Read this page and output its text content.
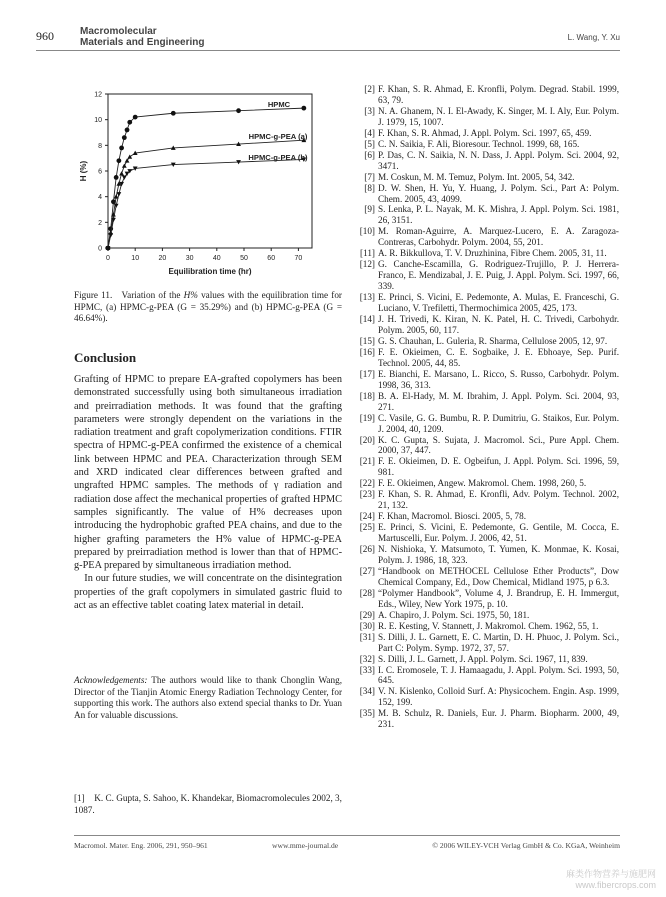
960	Macromolecular
Materials and Engineering	L. Wang, Y. Xu
0	10	20	30	40	50	60	70
0
2
4
6
8
10
12
Equilibration time (hr)
H (%)
HPMC
HPMC-g-PEA (a)
HPMC-g-PEA (b)
Figure 11. Variation of the H% values with the equilibration time for HPMC, (a) HPMC-g-PEA (G = 35.29%) and (b) HPMC-g-PEA (G = 46.64%).
Conclusion

Grafting of HPMC to prepare EA-grafted copolymers has been demonstrated successfully using both simultaneous irradiation and preirradiation methods. It was found that the grafting parameters were strongly dependent on the variations in the radiation treatment and graft copolymerization conditions. FTIR spectra of HPMC-g-PEA confirmed the existence of a chemical link between HPMC and PEA. Characterization through SEM and XRD indicated clear differences between grafted and ungrafted HPMC samples. The methods of γ radiation and radiation dose affect the mechanical properties of grafted HPMC samples significantly. The value of H% decreases upon introducing the hydrophobic grafted PEA chains, and due to the higher grafting parameters the H% value of HPMC-g-PEA prepared by preirradiation method is lower than that of HPMC-g-PEA prepared by simultaneous irradiation method.

 In our future studies, we will concentrate on the disintegration properties of the graft copolymers in simulated gastric fluid to act as an effective tablet coating latex material in detail.

Acknowledgements: The authors would like to thank Chonglin Wang, Director of the Tianjin Atomic Energy Radiation Technology Center, for supporting this work. The authors also extend special thanks to Dr. Yuan An for valuable discussions.
[1] K. C. Gupta, S. Sahoo, K. Khandekar, Biomacromolecules 2002, 3, 1087.
[2] F. Khan, S. R. Ahmad, E. Kronfli, Polym. Degrad. Stabil. 1999, 63, 79.
[3] N. A. Ghanem, N. I. El-Awady, K. Singer, M. I. Aly, Eur. Polym. J. 1979, 15, 1007.
[4] F. Khan, S. R. Ahmad, J. Appl. Polym. Sci. 1997, 65, 459.
[5] C. N. Saikia, F. Ali, Bioresour. Technol. 1999, 68, 165.
[6] P. Das, C. N. Saikia, N. N. Dass, J. Appl. Polym. Sci. 2004, 92, 3471.
[7] M. Coskun, M. M. Temuz, Polym. Int. 2005, 54, 342.
[8] D. W. Shen, H. Yu, Y. Huang, J. Polym. Sci., Part A: Polym. Chem. 2005, 43, 4099.
[9] S. Lenka, P. L. Nayak, M. K. Mishra, J. Appl. Polym. Sci. 1981, 26, 3151.
[10] M. Roman-Aguirre, A. Marquez-Lucero, E. A. Zaragoza-Contreras, Carbohydr. Polym. 2004, 55, 201.
[11] A. R. Bikkullova, T. V. Druzhinina, Fibre Chem. 2005, 31, 11.
[12] G. Canche-Escamilla, G. Rodriguez-Trujillo, P. J. Herrera-Franco, E. Mendizabal, J. E. Puig, J. Appl. Polym. Sci. 1997, 66, 339.
[13] E. Princi, S. Vicini, E. Pedemonte, A. Mulas, E. Franceschi, G. Luciano, V. Trefiletti, Thermochimica 2005, 425, 173.
[14] J. H. Trivedi, K. Kiran, N. K. Patel, H. C. Trivedi, Carbohydr. Polym. 2005, 60, 117.
[15] G. S. Chauhan, L. Guleria, R. Sharma, Cellulose 2005, 12, 97.
[16] F. E. Okieimen, C. E. Sogbaike, J. E. Ebhoaye, Sep. Purif. Technol. 2005, 44, 85.
[17] E. Bianchi, E. Marsano, L. Ricco, S. Russo, Carbohydr. Polym. 1998, 36, 313.
[18] B. A. El-Hady, M. M. Ibrahim, J. Appl. Polym. Sci. 2004, 93, 271.
[19] C. Vasile, G. G. Bumbu, R. P. Dumitriu, G. Staikos, Eur. Polym. J. 2004, 40, 1209.
[20] K. C. Gupta, S. Sujata, J. Macromol. Sci., Pure Appl. Chem. 2000, 37, 447.
[21] F. E. Okieimen, D. E. Ogbeifun, J. Appl. Polym. Sci. 1996, 59, 981.
[22] F. E. Okieimen, Angew. Makromol. Chem. 1998, 260, 5.
[23] F. Khan, S. R. Ahmad, E. Kronfli, Adv. Polym. Technol. 2002, 21, 132.
[24] F. Khan, Macromol. Biosci. 2005, 5, 78.
[25] E. Princi, S. Vicini, E. Pedemonte, G. Gentile, M. Cocca, E. Martuscelli, Eur. Polym. J. 2006, 42, 51.
[26] N. Nishioka, Y. Matsumoto, T. Yumen, K. Monmae, K. Kosai, Polym. J. 1986, 18, 323.
[27] “Handbook on METHOCEL Cellulose Ether Products”, Dow Chemical Company, Ed., Dow Chemical, Midland 1975, p 6.3.
[28] “Polymer Handbook”, Volume 4, J. Brandrup, E. H. Immergut, Eds., Wiley, New York 1975, p. 10.
[29] A. Chapiro, J. Polym. Sci. 1975, 50, 181.
[30] R. E. Kesting, V. Stannett, J. Makromol. Chem. 1962, 55, 1.
[31] S. Dilli, J. L. Garnett, E. C. Martin, D. H. Phuoc, J. Polym. Sci., Part C: Polym. Symp. 1972, 37, 57.
[32] S. Dilli, J. L. Garnett, J. Appl. Polym. Sci. 1967, 11, 839.
[33] I. C. Eromosele, T. J. Hamaagadu, J. Appl. Polym. Sci. 1993, 50, 645.
[34] V. N. Kislenko, Colloid Surf. A: Physicochem. Engin. Asp. 1999, 152, 199.
[35] M. B. Schulz, R. Daniels, Eur. J. Pharm. Biopharm. 2000, 49, 231.
Macromol. Mater. Eng. 2006, 291, 950–961	www.mme-journal.de	© 2006 WILEY-VCH Verlag GmbH & Co. KGaA, Weinheim
麻类作物营养与施肥网
www.fibercrops.com
